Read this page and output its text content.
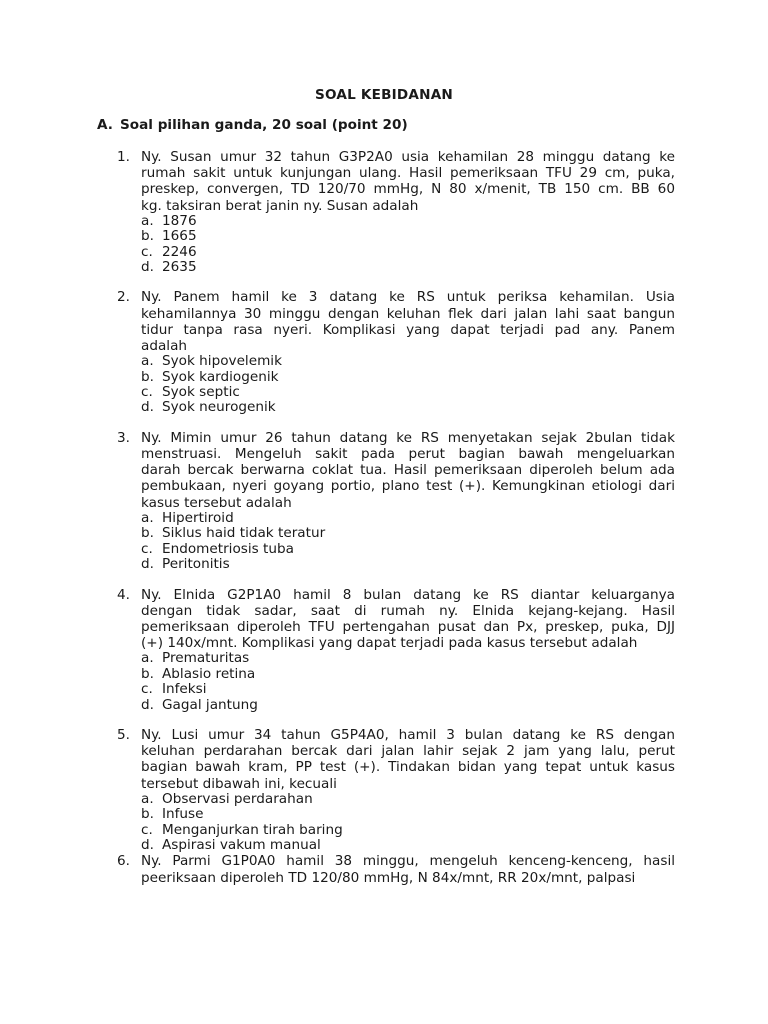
SOAL KEBIDANAN
A. Soal pilihan ganda, 20 soal (point 20)
1. Ny. Susan umur 32 tahun G3P2A0 usia kehamilan 28 minggu datang ke
rumah sakit untuk kunjungan ulang. Hasil pemeriksaan TFU 29 cm, puka,
preskep, convergen, TD 120/70 mmHg, N 80 x/menit, TB 150 cm. BB 60
kg. taksiran berat janin ny. Susan adalah
a. 1876
b. 1665
c. 2246
d. 2635
2. Ny. Panem hamil ke 3 datang ke RS untuk periksa kehamilan. Usia
kehamilannya 30 minggu dengan keluhan flek dari jalan lahi saat bangun
tidur tanpa rasa nyeri. Komplikasi yang dapat terjadi pad any. Panem
adalah
a. Syok hipovelemik
b. Syok kardiogenik
c. Syok septic
d. Syok neurogenik
3. Ny. Mimin umur 26 tahun datang ke RS menyetakan sejak 2bulan tidak
menstruasi. Mengeluh sakit pada perut bagian bawah mengeluarkan
darah bercak berwarna coklat tua. Hasil pemeriksaan diperoleh belum ada
pembukaan, nyeri goyang portio, plano test (+). Kemungkinan etiologi dari
kasus tersebut adalah
a. Hipertiroid
b. Siklus haid tidak teratur
c. Endometriosis tuba
d. Peritonitis
4. Ny. Elnida G2P1A0 hamil 8 bulan datang ke RS diantar keluarganya
dengan tidak sadar, saat di rumah ny. Elnida kejang-kejang. Hasil
pemeriksaan diperoleh TFU pertengahan pusat dan Px, preskep, puka, DJJ
(+) 140x/mnt. Komplikasi yang dapat terjadi pada kasus tersebut adalah
a. Prematuritas
b. Ablasio retina
c. Infeksi
d. Gagal jantung
5. Ny. Lusi umur 34 tahun G5P4A0, hamil 3 bulan datang ke RS dengan
keluhan perdarahan bercak dari jalan lahir sejak 2 jam yang lalu, perut
bagian bawah kram, PP test (+). Tindakan bidan yang tepat untuk kasus
tersebut dibawah ini, kecuali
a. Observasi perdarahan
b. Infuse
c. Menganjurkan tirah baring
d. Aspirasi vakum manual
6. Ny. Parmi G1P0A0 hamil 38 minggu, mengeluh kenceng-kenceng, hasil
peeriksaan diperoleh TD 120/80 mmHg, N 84x/mnt, RR 20x/mnt, palpasi
